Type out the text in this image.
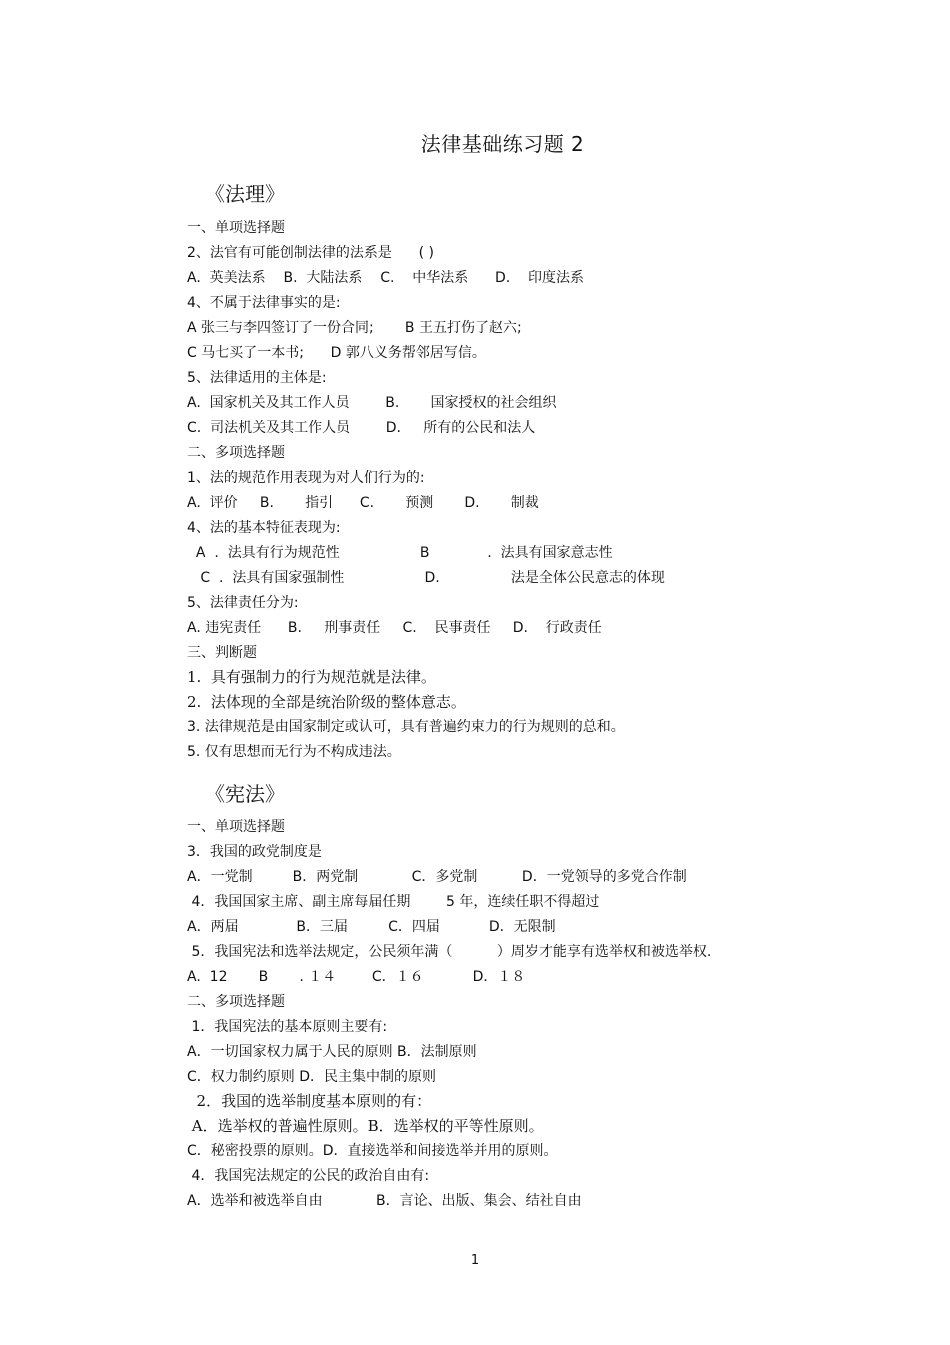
法律基础练习题 2
《法理》
一、单项选择题
2、法官有可能创制法律的法系是      ( )
A.  英美法系    B.  大陆法系    C.    中华法系      D.    印度法系
4、不属于法律事实的是:
A 张三与李四签订了一份合同;       B 王五打伤了赵六;
C 马七买了一本书;      D 郭八义务帮邻居写信。
5、法律适用的主体是:
A.  国家机关及其工作人员        B.       国家授权的社会组织
C.  司法机关及其工作人员        D.     所有的公民和法人
二、多项选择题
1、法的规范作用表现为对人们行为的:
A.  评价     B.       指引      C.       预测       D.       制裁
4、法的基本特征表现为:
A  .  法具有行为规范性                  B             .  法具有国家意志性
C  .  法具有国家强制性                  D.                法是全体公民意志的体现
5、法律责任分为:
A. 违宪责任      B.     刑事责任     C.    民事责任     D.    行政责任
三、判断题
1.  具有强制力的行为规范就是法律。
2.  法体现的全部是统治阶级的整体意志。
3. 法律规范是由国家制定或认可，具有普遍约束力的行为规则的总和。
5. 仅有思想而无行为不构成违法。
《宪法》
一、单项选择题
3．我国的政党制度是
A．一党制         B．两党制            C．多党制          D．一党领导的多党合作制
4．我国国家主席、副主席每届任期        5 年，连续任职不得超过
A．两届             B．三届         C．四届           D．无限制
5．我国宪法和选举法规定，公民须年满（          ）周岁才能享有选举权和被选举权.
A.  12       B       . １４        C．１６           D．１８
二、多项选择题
1．我国宪法的基本原则主要有:
A．一切国家权力属于人民的原则 B．法制原则
C．权力制约原则 D．民主集中制的原则
2．我国的选举制度基本原则的有：
A．选举权的普遍性原则。B．选举权的平等性原则。
C．秘密投票的原则。D．直接选举和间接选举并用的原则。
4．我国宪法规定的公民的政治自由有:
A．选举和被选举自由            B．言论、出版、集会、结社自由
1
